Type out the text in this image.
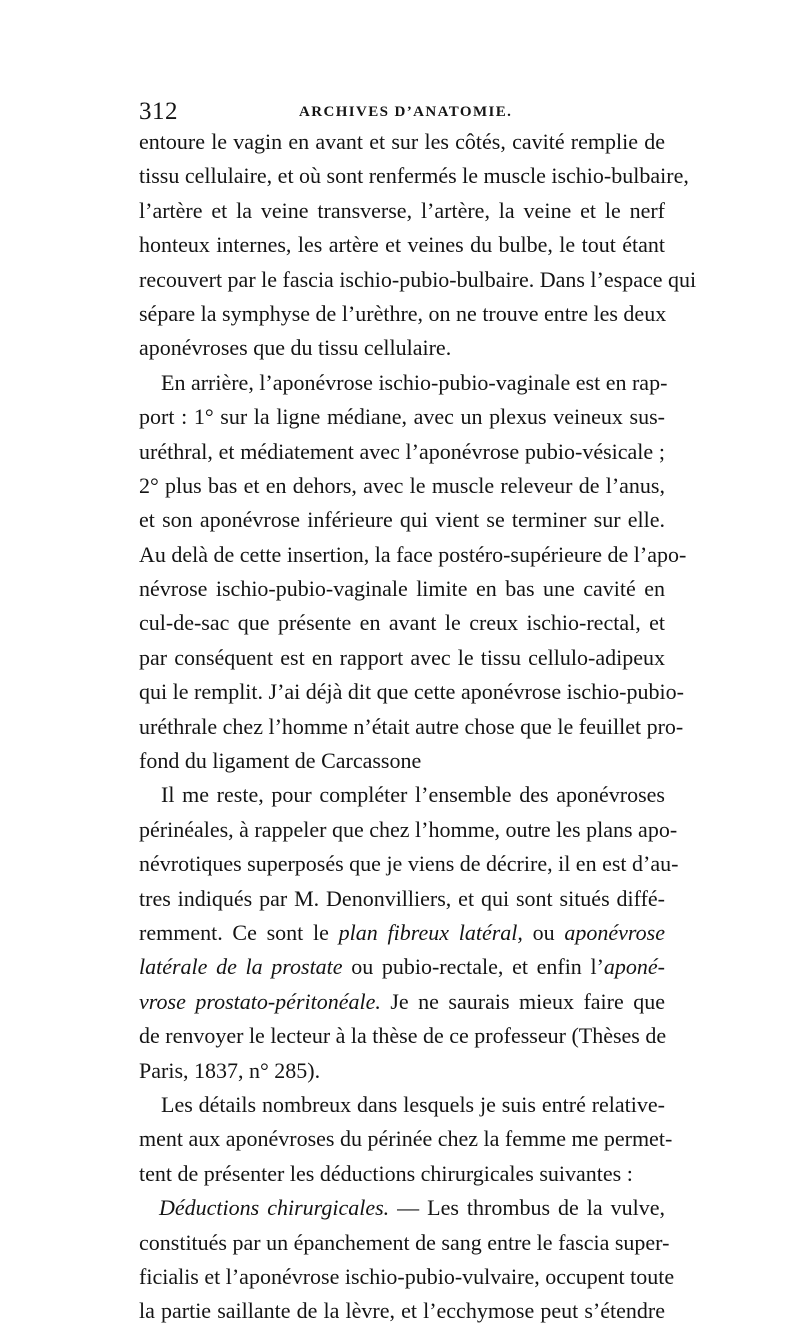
312	ARCHIVES D’ANATOMIE.
entoure le vagin en avant et sur les côtés, cavité remplie de
tissu cellulaire, et où sont renfermés le muscle ischio-bulbaire,
l’artère et la veine transverse, l’artère, la veine et le nerf
honteux internes, les artère et veines du bulbe, le tout étant
recouvert par le fascia ischio-pubio-bulbaire. Dans l’espace qui
sépare la symphyse de l’urèthre, on ne trouve entre les deux
aponévroses que du tissu cellulaire.
En arrière, l’aponévrose ischio-pubio-vaginale est en rap-
port : 1° sur la ligne médiane, avec un plexus veineux sus-
uréthral, et médiatement avec l’aponévrose pubio-vésicale ;
2° plus bas et en dehors, avec le muscle releveur de l’anus,
et son aponévrose inférieure qui vient se terminer sur elle.
Au delà de cette insertion, la face postéro-supérieure de l’apo-
névrose ischio-pubio-vaginale limite en bas une cavité en
cul-de-sac que présente en avant le creux ischio-rectal, et
par conséquent est en rapport avec le tissu cellulo-adipeux
qui le remplit. J’ai déjà dit que cette aponévrose ischio-pubio-
uréthrale chez l’homme n’était autre chose que le feuillet pro-
fond du ligament de Carcassone
Il me reste, pour compléter l’ensemble des aponévroses
périnéales, à rappeler que chez l’homme, outre les plans apo-
névrotiques superposés que je viens de décrire, il en est d’au-
tres indiqués par M. Denonvilliers, et qui sont situés diffé-
remment. Ce sont le plan fibreux latéral, ou aponévrose
latérale de la prostate ou pubio-rectale, et enfin l’aponé-
vrose prostato-péritonéale. Je ne saurais mieux faire que
de renvoyer le lecteur à la thèse de ce professeur (Thèses de
Paris, 1837, n° 285).
Les détails nombreux dans lesquels je suis entré relative-
ment aux aponévroses du périnée chez la femme me permet-
tent de présenter les déductions chirurgicales suivantes :
Déductions chirurgicales. — Les thrombus de la vulve,
constitués par un épanchement de sang entre le fascia super-
ficialis et l’aponévrose ischio-pubio-vulvaire, occupent toute
la partie saillante de la lèvre, et l’ecchymose peut s’étendre
